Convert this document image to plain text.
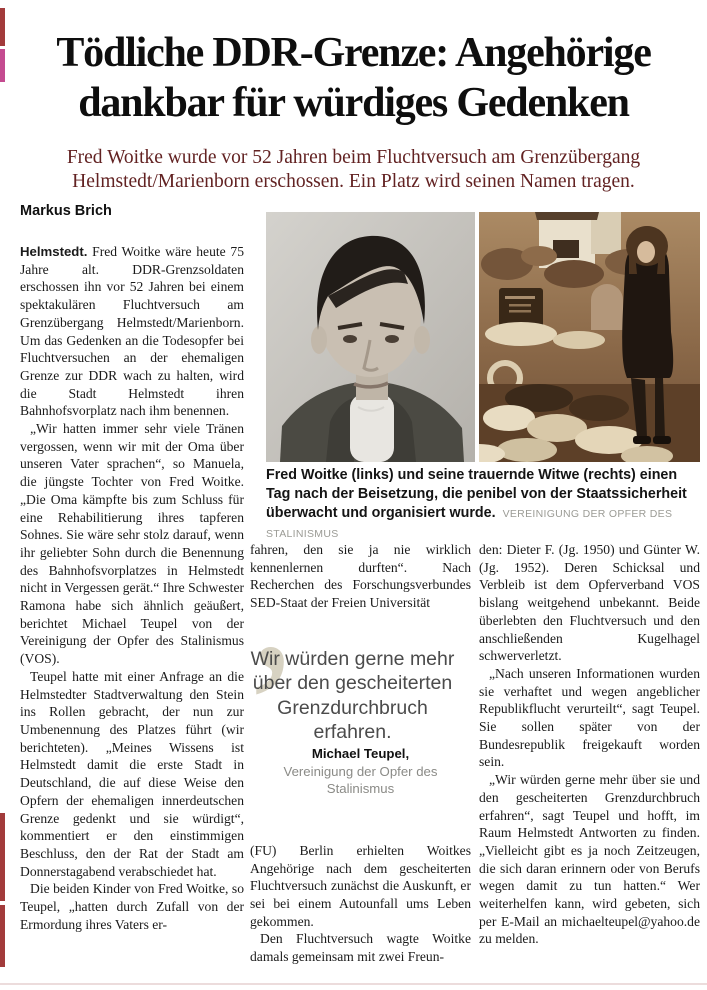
Tödliche DDR-Grenze: Angehörige dankbar für würdiges Gedenken

Fred Woitke wurde vor 52 Jahren beim Fluchtversuch am Grenzübergang Helmstedt/Marienborn erschossen. Ein Platz wird seinen Namen tragen.

Markus Brich

Helmstedt. Fred Woitke wäre heute 75 Jahre alt. DDR-Grenzsoldaten erschossen ihn vor 52 Jahren bei einem spektakulären Fluchtversuch am Grenzübergang Helmstedt/Marienborn. Um das Gedenken an die Todesopfer bei Fluchtversuchen an der ehemaligen Grenze zur DDR wach zu halten, wird die Stadt Helmstedt ihren Bahnhofsvorplatz nach ihm benennen.

„Wir hatten immer sehr viele Tränen vergossen, wenn wir mit der Oma über unseren Vater sprachen“, so Manuela, die jüngste Tochter von Fred Woitke. „Die Oma kämpfte bis zum Schluss für eine Rehabilitierung ihres tapferen Sohnes. Sie wäre sehr stolz darauf, wenn ihr geliebter Sohn durch die Benennung des Bahnhofsvorplatzes in Helmstedt nicht in Vergessen gerät.“ Ihre Schwester Ramona habe sich ähnlich geäußert, berichtet Michael Teupel von der Vereinigung der Opfer des Stalinismus (VOS).

Teupel hatte mit einer Anfrage an die Helmstedter Stadtverwaltung den Stein ins Rollen gebracht, der nun zur Umbenennung des Platzes führt (wir berichteten). „Meines Wissens ist Helmstedt damit die erste Stadt in Deutschland, die auf diese Weise den Opfern der ehemaligen innerdeutschen Grenze gedenkt und sie würdigt“, kommentiert er den einstimmigen Beschluss, den der Rat der Stadt am Donnerstagabend verabschiedet hat.

Die beiden Kinder von Fred Woitke, so Teupel, „hatten durch Zufall von der Ermordung ihres Vaters er-

Fred Woitke (links) und seine trauernde Witwe (rechts) einen Tag nach der Beisetzung, die penibel von der Staatssicherheit überwacht und organisiert wurde. VEREINIGUNG DER OPFER DES STALINISMUS

fahren, den sie ja nie wirklich kennenlernen durften“. Nach Recherchen des Forschungsverbundes SED-Staat der Freien Universität

’

Wir würden gerne mehr über den gescheiterten Grenzdurchbruch erfahren.

Michael Teupel,

Vereinigung der Opfer des Stalinismus

(FU) Berlin erhielten Woitkes Angehörige nach dem gescheiterten Fluchtversuch zunächst die Auskunft, er sei bei einem Autounfall ums Leben gekommen.

Den Fluchtversuch wagte Woitke damals gemeinsam mit zwei Freun-

den: Dieter F. (Jg. 1950) und Günter W. (Jg. 1952). Deren Schicksal und Verbleib ist dem Opferverband VOS bislang weitgehend unbekannt. Beide überlebten den Fluchtversuch und den anschließenden Kugelhagel schwerverletzt.

„Nach unseren Informationen wurden sie verhaftet und wegen angeblicher Republikflucht verurteilt“, sagt Teupel. Sie sollen später von der Bundesrepublik freigekauft worden sein.

„Wir würden gerne mehr über sie und den gescheiterten Grenzdurchbruch erfahren“, sagt Teupel und hofft, im Raum Helmstedt Antworten zu finden. „Vielleicht gibt es ja noch Zeitzeugen, die sich daran erinnern oder von Berufs wegen damit zu tun hatten.“ Wer weiterhelfen kann, wird gebeten, sich per E-Mail an michaelteupel@yahoo.de zu melden.
